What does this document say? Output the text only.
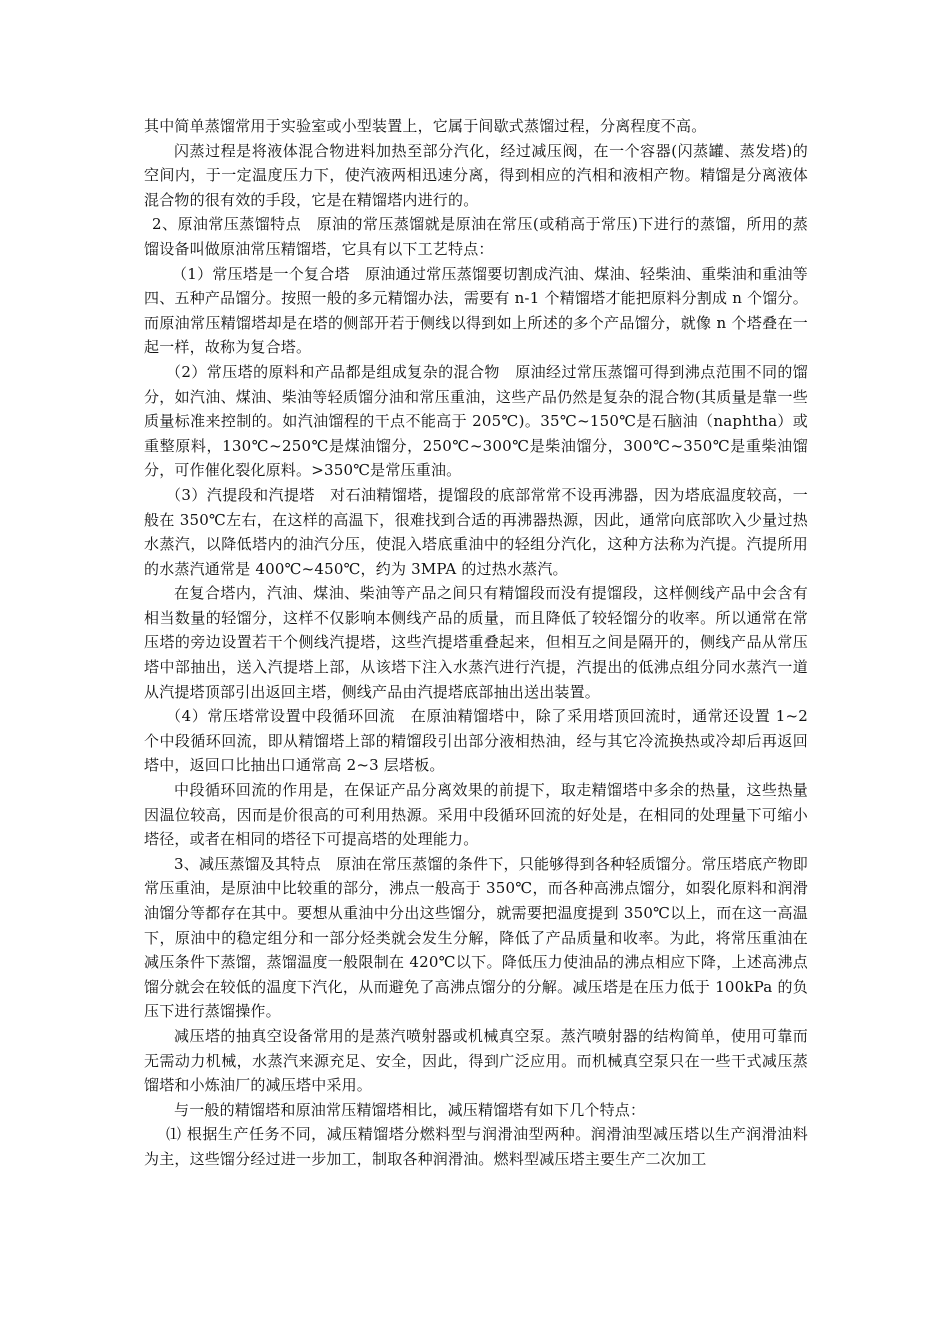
其中简单蒸馏常用于实验室或小型装置上，它属于间歇式蒸馏过程，分离程度不高。

闪蒸过程是将液体混合物进料加热至部分汽化，经过减压阀，在一个容器(闪蒸罐、蒸发塔)的空间内，于一定温度压力下，使汽液两相迅速分离，得到相应的汽相和液相产物。精馏是分离液体混合物的很有效的手段，它是在精馏塔内进行的。

2、原油常压蒸馏特点　原油的常压蒸馏就是原油在常压(或稍高于常压)下进行的蒸馏，所用的蒸馏设备叫做原油常压精馏塔，它具有以下工艺特点：

（1）常压塔是一个复合塔　原油通过常压蒸馏要切割成汽油、煤油、轻柴油、重柴油和重油等四、五种产品馏分。按照一般的多元精馏办法，需要有 n-1 个精馏塔才能把原料分割成 n 个馏分。而原油常压精馏塔却是在塔的侧部开若于侧线以得到如上所述的多个产品馏分，就像 n 个塔叠在一起一样，故称为复合塔。

（2）常压塔的原料和产品都是组成复杂的混合物　原油经过常压蒸馏可得到沸点范围不同的馏分，如汽油、煤油、柴油等轻质馏分油和常压重油，这些产品仍然是复杂的混合物(其质量是靠一些质量标准来控制的。如汽油馏程的干点不能高于 205℃)。35℃~150℃是石脑油（naphtha）或重整原料，130℃~250℃是煤油馏分，250℃~300℃是柴油馏分，300℃~350℃是重柴油馏分，可作催化裂化原料。>350℃是常压重油。

（3）汽提段和汽提塔　对石油精馏塔，提馏段的底部常常不设再沸器，因为塔底温度较高，一般在 350℃左右，在这样的高温下，很难找到合适的再沸器热源，因此，通常向底部吹入少量过热水蒸汽，以降低塔内的油汽分压，使混入塔底重油中的轻组分汽化，这种方法称为汽提。汽提所用的水蒸汽通常是 400℃~450℃，约为 3MPA 的过热水蒸汽。

在复合塔内，汽油、煤油、柴油等产品之间只有精馏段而没有提馏段，这样侧线产品中会含有相当数量的轻馏分，这样不仅影响本侧线产品的质量，而且降低了较轻馏分的收率。所以通常在常压塔的旁边设置若干个侧线汽提塔，这些汽提塔重叠起来，但相互之间是隔开的，侧线产品从常压塔中部抽出，送入汽提塔上部，从该塔下注入水蒸汽进行汽提，汽提出的低沸点组分同水蒸汽一道从汽提塔顶部引出返回主塔，侧线产品由汽提塔底部抽出送出装置。

（4）常压塔常设置中段循环回流　在原油精馏塔中，除了采用塔顶回流时，通常还设置 1~2 个中段循环回流，即从精馏塔上部的精馏段引出部分液相热油，经与其它冷流换热或冷却后再返回塔中，返回口比抽出口通常高 2~3 层塔板。

中段循环回流的作用是，在保证产品分离效果的前提下，取走精馏塔中多余的热量，这些热量因温位较高，因而是价很高的可利用热源。采用中段循环回流的好处是，在相同的处理量下可缩小塔径，或者在相同的塔径下可提高塔的处理能力。

3、减压蒸馏及其特点　原油在常压蒸馏的条件下，只能够得到各种轻质馏分。常压塔底产物即常压重油，是原油中比较重的部分，沸点一般高于 350℃，而各种高沸点馏分，如裂化原料和润滑油馏分等都存在其中。要想从重油中分出这些馏分，就需要把温度提到 350℃以上，而在这一高温下，原油中的稳定组分和一部分烃类就会发生分解，降低了产品质量和收率。为此，将常压重油在减压条件下蒸馏，蒸馏温度一般限制在 420℃以下。降低压力使油品的沸点相应下降，上述高沸点馏分就会在较低的温度下汽化，从而避免了高沸点馏分的分解。减压塔是在压力低于 100kPa 的负压下进行蒸馏操作。

减压塔的抽真空设备常用的是蒸汽喷射器或机械真空泵。蒸汽喷射器的结构简单，使用可靠而无需动力机械，水蒸汽来源充足、安全，因此，得到广泛应用。而机械真空泵只在一些干式减压蒸馏塔和小炼油厂的减压塔中采用。

与一般的精馏塔和原油常压精馏塔相比，减压精馏塔有如下几个特点：

⑴ 根据生产任务不同，减压精馏塔分燃料型与润滑油型两种。润滑油型减压塔以生产润滑油料为主，这些馏分经过进一步加工，制取各种润滑油。燃料型减压塔主要生产二次加工
